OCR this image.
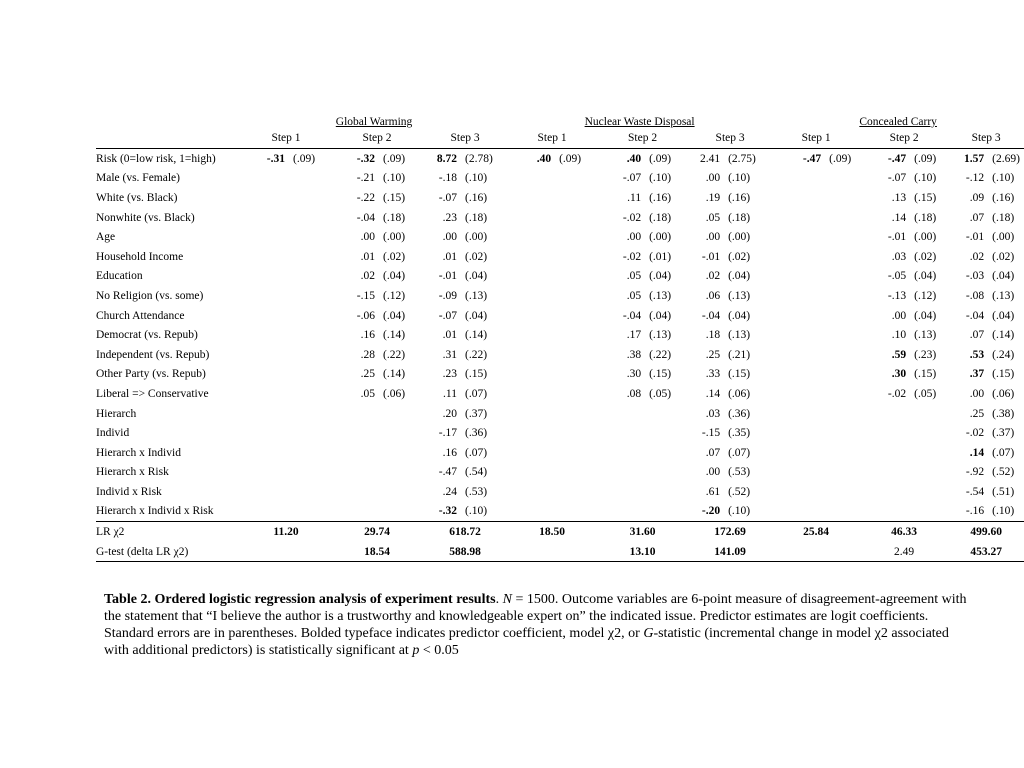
	Global Warming						Nuclear Waste Disposal						Concealed Carry					
	Step 1		Step 2		Step 3		Step 1		Step 2		Step 3		Step 1		Step 2		Step 3	
Risk (0=low risk, 1=high)	-.31	(.09)	-.32	(.09)	8.72	(2.78)	.40	(.09)	.40	(.09)	2.41	(2.75)	-.47	(.09)	-.47	(.09)	1.57	(2.69)
Male (vs. Female)			-.21	(.10)	-.18	(.10)			-.07	(.10)	.00	(.10)			-.07	(.10)	-.12	(.10)
White (vs. Black)			-.22	(.15)	-.07	(.16)			.11	(.16)	.19	(.16)			.13	(.15)	.09	(.16)
Nonwhite (vs. Black)			-.04	(.18)	.23	(.18)			-.02	(.18)	.05	(.18)			.14	(.18)	.07	(.18)
Age			.00	(.00)	.00	(.00)			.00	(.00)	.00	(.00)			-.01	(.00)	-.01	(.00)
Household Income			.01	(.02)	.01	(.02)			-.02	(.01)	-.01	(.02)			.03	(.02)	.02	(.02)
Education			.02	(.04)	-.01	(.04)			.05	(.04)	.02	(.04)			-.05	(.04)	-.03	(.04)
No Religion (vs. some)			-.15	(.12)	-.09	(.13)			.05	(.13)	.06	(.13)			-.13	(.12)	-.08	(.13)
Church Attendance			-.06	(.04)	-.07	(.04)			-.04	(.04)	-.04	(.04)			.00	(.04)	-.04	(.04)
Democrat (vs. Repub)			.16	(.14)	.01	(.14)			.17	(.13)	.18	(.13)			.10	(.13)	.07	(.14)
Independent (vs. Repub)			.28	(.22)	.31	(.22)			.38	(.22)	.25	(.21)			.59	(.23)	.53	(.24)
Other Party (vs. Repub)			.25	(.14)	.23	(.15)			.30	(.15)	.33	(.15)			.30	(.15)	.37	(.15)
Liberal => Conservative			.05	(.06)	.11	(.07)			.08	(.05)	.14	(.06)			-.02	(.05)	.00	(.06)
Hierarch					.20	(.37)					.03	(.36)					.25	(.38)
Individ					-.17	(.36)					-.15	(.35)					-.02	(.37)
Hierarch x Individ					.16	(.07)					.07	(.07)					.14	(.07)
Hierarch x Risk					-.47	(.54)					.00	(.53)					-.92	(.52)
Individ x Risk					.24	(.53)					.61	(.52)					-.54	(.51)
Hierarch x Individ x Risk					-.32	(.10)					-.20	(.10)					-.16	(.10)
LR χ2	11.20		29.74		618.72		18.50		31.60		172.69		25.84		46.33		499.60	
G-test (delta LR χ2)			18.54		588.98				13.10		141.09				2.49		453.27	

Table 2. Ordered logistic regression analysis of experiment results. N = 1500. Outcome variables are 6-point measure of disagreement-agreement with the statement that “I believe the author is a trustworthy and knowledgeable expert on” the indicated issue. Predictor estimates are logit coefficients. Standard errors are in parentheses. Bolded typeface indicates predictor coefficient, model χ2, or G-statistic (incremental change in model χ2 associated with additional predictors) is statistically significant at p < 0.05
